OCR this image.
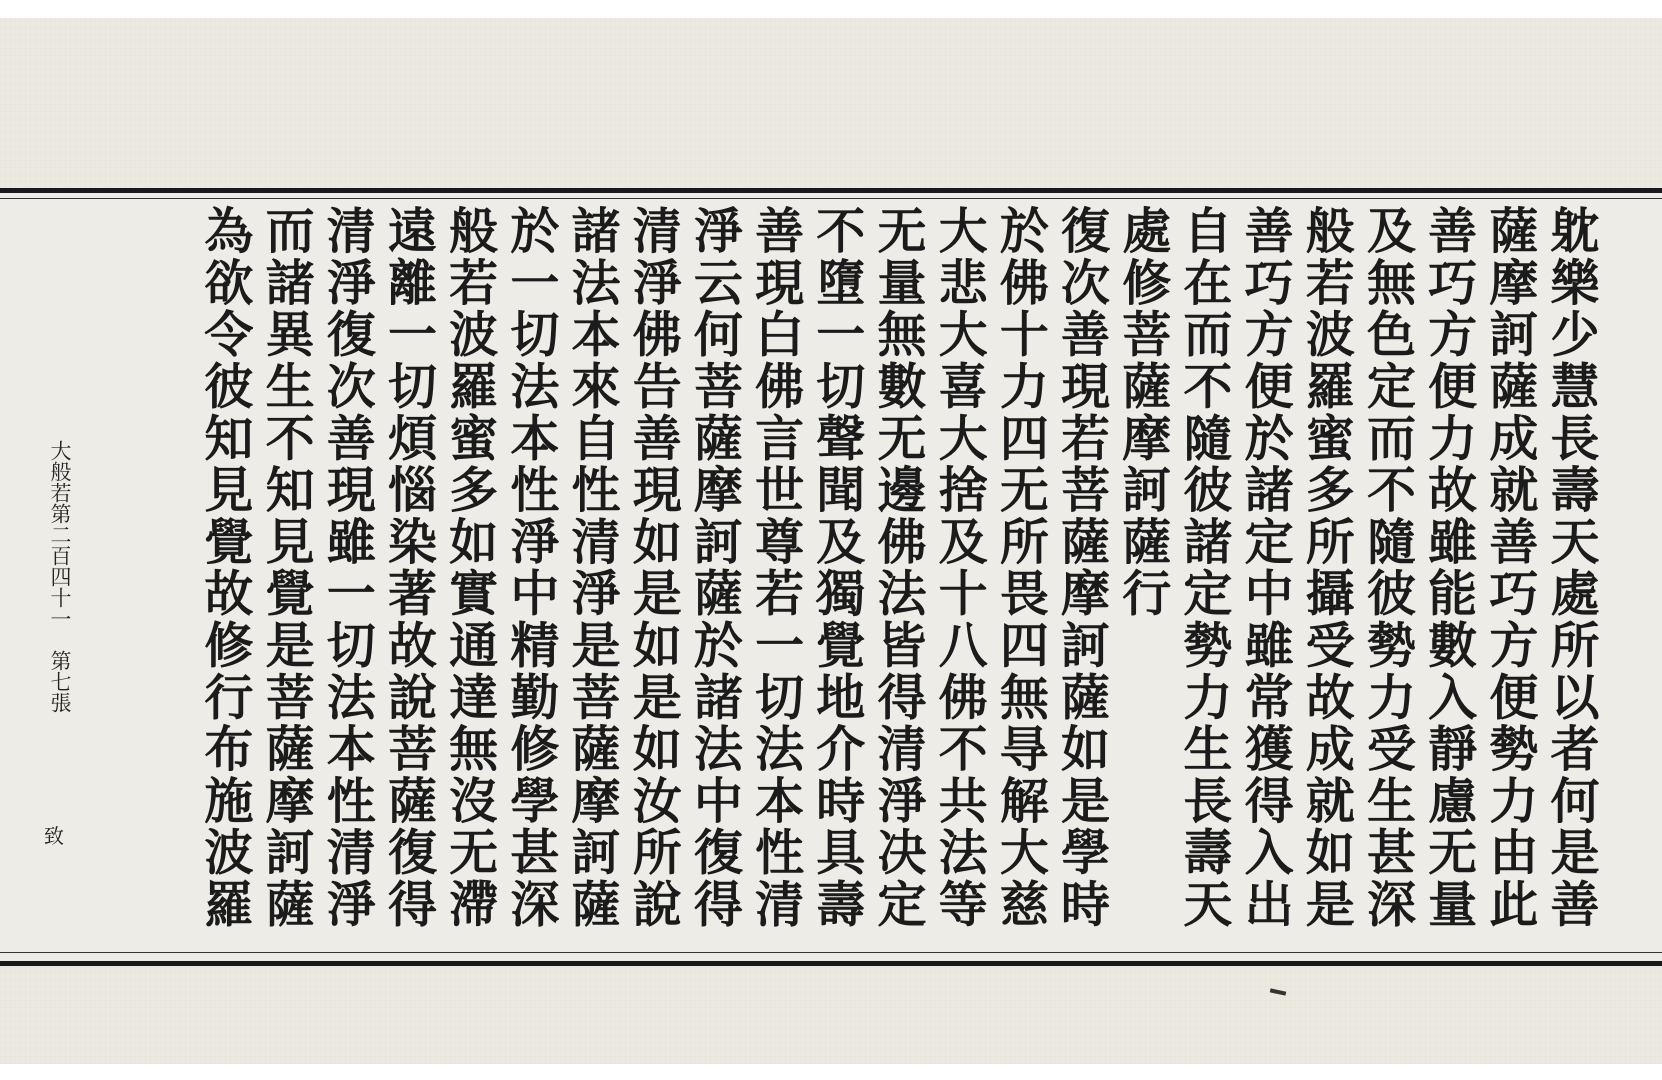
躭樂少慧長壽天處所以者何是善
薩摩訶薩成就善巧方便勢力由此
善巧方便力故雖能數入靜慮无量
及無色定而不隨彼勢力受生甚深
般若波羅蜜多所攝受故成就如是
善巧方便於諸定中雖常獲得入出
自在而不隨彼諸定勢力生長壽天
處修菩薩摩訶薩行
復次善現若菩薩摩訶薩如是學時
於佛十力四无所畏四無㝵解大慈
大悲大喜大捨及十八佛不共法等
无量無數无邊佛法皆得清淨决定
不墮一切聲聞及獨覺地介時具壽
善現白佛言世尊若一切法本性清
淨云何菩薩摩訶薩於諸法中復得
清淨佛告善現如是如是如汝所說
諸法本來自性清淨是菩薩摩訶薩
於一切法本性淨中精勤修學甚深
般若波羅蜜多如實通達無沒无滯
遠離一切煩惱染著故說菩薩復得
清淨復次善現雖一切法本性清淨
而諸異生不知見覺是菩薩摩訶薩
為欲令彼知見覺故修行布施波羅
大般若第二百四十一　第七張
致
